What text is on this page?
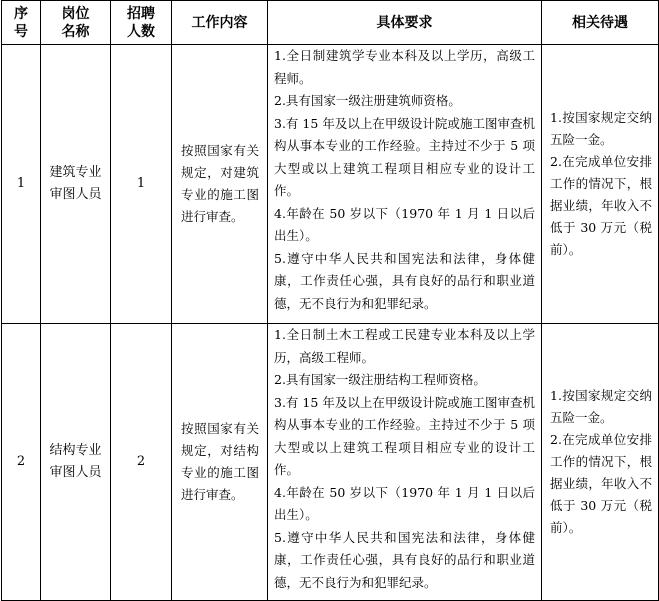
序
号	岗位
名称	招聘
人数	工作内容	具体要求	相关待遇
1	建筑专业审图人员	1	按照国家有关规定，对建筑专业的施工图进行审查。	1.全日制建筑学专业本科及以上学历，高级工程师。
2.具有国家一级注册建筑师资格。
3.有 15 年及以上在甲级设计院或施工图审查机构从事本专业的工作经验。主持过不少于 5 项大型或以上建筑工程项目相应专业的设计工作。
4.年龄在 50 岁以下（1970 年 1 月 1 日以后出生）。
5.遵守中华人民共和国宪法和法律，身体健康，工作责任心强，具有良好的品行和职业道德，无不良行为和犯罪纪录。	1.按国家规定交纳五险一金。
2.在完成单位安排工作的情况下，根据业绩，年收入不低于 30 万元（税前）。

2	结构专业审图人员	2	按照国家有关规定，对结构专业的施工图进行审查。	1.全日制土木工程或工民建专业本科及以上学历，高级工程师。
2.具有国家一级注册结构工程师资格。
3.有 15 年及以上在甲级设计院或施工图审查机构从事本专业的工作经验。主持过不少于 5 项大型或以上建筑工程项目相应专业的设计工作。
4.年龄在 50 岁以下（1970 年 1 月 1 日以后出生）。
5.遵守中华人民共和国宪法和法律，身体健康，工作责任心强，具有良好的品行和职业道德，无不良行为和犯罪纪录。	1.按国家规定交纳五险一金。
2.在完成单位安排工作的情况下，根据业绩，年收入不低于 30 万元（税前）。
